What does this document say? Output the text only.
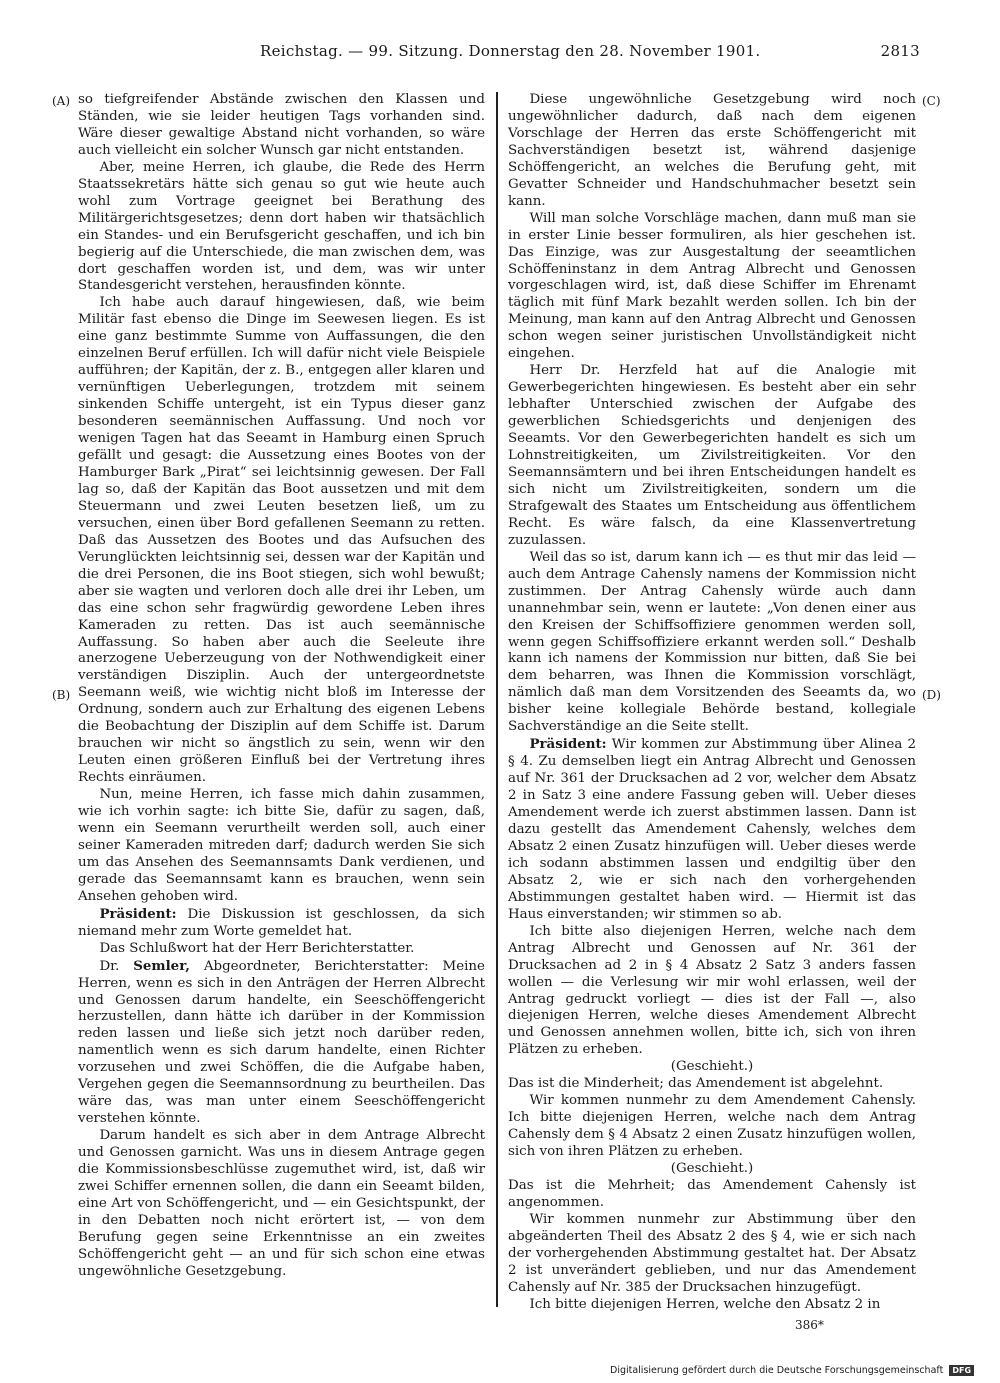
Reichstag. — 99. Sitzung. Donnerstag den 28. November 1901.	2813
(A)
(B)
(C)
(D)

so tiefgreifender Abstände zwischen den Klassen und Ständen, wie sie leider heutigen Tags vorhanden sind. Wäre dieser gewaltige Abstand nicht vorhanden, so wäre auch vielleicht ein solcher Wunsch gar nicht entstanden.

Aber, meine Herren, ich glaube, die Rede des Herrn Staatssekretärs hätte sich genau so gut wie heute auch wohl zum Vortrage geeignet bei Berathung des Militärgerichtsgesetzes; denn dort haben wir thatsächlich ein Standes- und ein Berufsgericht geschaffen, und ich bin begierig auf die Unterschiede, die man zwischen dem, was dort geschaffen worden ist, und dem, was wir unter Standesgericht verstehen, herausfinden könnte.

Ich habe auch darauf hingewiesen, daß, wie beim Militär fast ebenso die Dinge im Seewesen liegen. Es ist eine ganz bestimmte Summe von Auffassungen, die den einzelnen Beruf erfüllen. Ich will dafür nicht viele Beispiele aufführen; der Kapitän, der z. B., entgegen aller klaren und vernünftigen Ueberlegungen, trotzdem mit seinem sinkenden Schiffe untergeht, ist ein Typus dieser ganz besonderen seemännischen Auffassung. Und noch vor wenigen Tagen hat das Seeamt in Hamburg einen Spruch gefällt und gesagt: die Aussetzung eines Bootes von der Hamburger Bark „Pirat“ sei leichtsinnig gewesen. Der Fall lag so, daß der Kapitän das Boot aussetzen und mit dem Steuermann und zwei Leuten besetzen ließ, um zu versuchen, einen über Bord gefallenen Seemann zu retten. Daß das Aussetzen des Bootes und das Aufsuchen des Verunglückten leichtsinnig sei, dessen war der Kapitän und die drei Personen, die ins Boot stiegen, sich wohl bewußt; aber sie wagten und verloren doch alle drei ihr Leben, um das eine schon sehr fragwürdig gewordene Leben ihres Kameraden zu retten. Das ist auch seemännische Auffassung. So haben aber auch die Seeleute ihre anerzogene Ueberzeugung von der Nothwendigkeit einer verständigen Disziplin. Auch der untergeordnetste Seemann weiß, wie wichtig nicht bloß im Interesse der Ordnung, sondern auch zur Erhaltung des eigenen Lebens die Beobachtung der Disziplin auf dem Schiffe ist. Darum brauchen wir nicht so ängstlich zu sein, wenn wir den Leuten einen größeren Einfluß bei der Vertretung ihres Rechts einräumen.

Nun, meine Herren, ich fasse mich dahin zusammen, wie ich vorhin sagte: ich bitte Sie, dafür zu sagen, daß, wenn ein Seemann verurtheilt werden soll, auch einer seiner Kameraden mitreden darf; dadurch werden Sie sich um das Ansehen des Seemannsamts Dank verdienen, und gerade das Seemannsamt kann es brauchen, wenn sein Ansehen gehoben wird.

Präsident: Die Diskussion ist geschlossen, da sich niemand mehr zum Worte gemeldet hat.

Das Schlußwort hat der Herr Berichterstatter.

Dr. Semler, Abgeordneter, Berichterstatter: Meine Herren, wenn es sich in den Anträgen der Herren Albrecht und Genossen darum handelte, ein Seeschöffengericht herzustellen, dann hätte ich darüber in der Kommission reden lassen und ließe sich jetzt noch darüber reden, namentlich wenn es sich darum handelte, einen Richter vorzusehen und zwei Schöffen, die die Aufgabe haben, Vergehen gegen die Seemannsordnung zu beurtheilen. Das wäre das, was man unter einem Seeschöffengericht verstehen könnte.

Darum handelt es sich aber in dem Antrage Albrecht und Genossen garnicht. Was uns in diesem Antrage gegen die Kommissionsbeschlüsse zugemuthet wird, ist, daß wir zwei Schiffer ernennen sollen, die dann ein Seeamt bilden, eine Art von Schöffengericht, und — ein Gesichtspunkt, der in den Debatten noch nicht erörtert ist, — von dem Berufung gegen seine Erkenntnisse an ein zweites Schöffengericht geht — an und für sich schon eine etwas ungewöhnliche Gesetzgebung.

Diese ungewöhnliche Gesetzgebung wird noch ungewöhnlicher dadurch, daß nach dem eigenen Vorschlage der Herren das erste Schöffengericht mit Sachverständigen besetzt ist, während dasjenige Schöffengericht, an welches die Berufung geht, mit Gevatter Schneider und Handschuhmacher besetzt sein kann.

Will man solche Vorschläge machen, dann muß man sie in erster Linie besser formuliren, als hier geschehen ist. Das Einzige, was zur Ausgestaltung der seeamtlichen Schöffeninstanz in dem Antrag Albrecht und Genossen vorgeschlagen wird, ist, daß diese Schiffer im Ehrenamt täglich mit fünf Mark bezahlt werden sollen. Ich bin der Meinung, man kann auf den Antrag Albrecht und Genossen schon wegen seiner juristischen Unvollständigkeit nicht eingehen.

Herr Dr. Herzfeld hat auf die Analogie mit Gewerbegerichten hingewiesen. Es besteht aber ein sehr lebhafter Unterschied zwischen der Aufgabe des gewerblichen Schiedsgerichts und denjenigen des Seeamts. Vor den Gewerbegerichten handelt es sich um Lohnstreitigkeiten, um Zivilstreitigkeiten. Vor den Seemannsämtern und bei ihren Entscheidungen handelt es sich nicht um Zivilstreitigkeiten, sondern um die Strafgewalt des Staates um Entscheidung aus öffentlichem Recht. Es wäre falsch, da eine Klassenvertretung zuzulassen.

Weil das so ist, darum kann ich — es thut mir das leid — auch dem Antrage Cahensly namens der Kommission nicht zustimmen. Der Antrag Cahensly würde auch dann unannehmbar sein, wenn er lautete: „Von denen einer aus den Kreisen der Schiffsoffiziere genommen werden soll, wenn gegen Schiffsoffiziere erkannt werden soll.“ Deshalb kann ich namens der Kommission nur bitten, daß Sie bei dem beharren, was Ihnen die Kommission vorschlägt, nämlich daß man dem Vorsitzenden des Seeamts da, wo bisher keine kollegiale Behörde bestand, kollegiale Sachverständige an die Seite stellt.

Präsident: Wir kommen zur Abstimmung über Alinea 2 § 4. Zu demselben liegt ein Antrag Albrecht und Genossen auf Nr. 361 der Drucksachen ad 2 vor, welcher dem Absatz 2 in Satz 3 eine andere Fassung geben will. Ueber dieses Amendement werde ich zuerst abstimmen lassen. Dann ist dazu gestellt das Amendement Cahensly, welches dem Absatz 2 einen Zusatz hinzufügen will. Ueber dieses werde ich sodann abstimmen lassen und endgiltig über den Absatz 2, wie er sich nach den vorhergehenden Abstimmungen gestaltet haben wird. — Hiermit ist das Haus einverstanden; wir stimmen so ab.

Ich bitte also diejenigen Herren, welche nach dem Antrag Albrecht und Genossen auf Nr. 361 der Drucksachen ad 2 in § 4 Absatz 2 Satz 3 anders fassen wollen — die Verlesung wir mir wohl erlassen, weil der Antrag gedruckt vorliegt — dies ist der Fall —, also diejenigen Herren, welche dieses Amendement Albrecht und Genossen annehmen wollen, bitte ich, sich von ihren Plätzen zu erheben.

(Geschieht.)

Das ist die Minderheit; das Amendement ist abgelehnt.

Wir kommen nunmehr zu dem Amendement Cahensly. Ich bitte diejenigen Herren, welche nach dem Antrag Cahensly dem § 4 Absatz 2 einen Zusatz hinzufügen wollen, sich von ihren Plätzen zu erheben.

(Geschieht.)

Das ist die Mehrheit; das Amendement Cahensly ist angenommen.

Wir kommen nunmehr zur Abstimmung über den abgeänderten Theil des Absatz 2 des § 4, wie er sich nach der vorhergehenden Abstimmung gestaltet hat. Der Absatz 2 ist unverändert geblieben, und nur das Amendement Cahensly auf Nr. 385 der Drucksachen hinzugefügt.

Ich bitte diejenigen Herren, welche den Absatz 2 in

386*
Digitalisierung gefördert durch die Deutsche Forschungsgemeinschaft DFG
